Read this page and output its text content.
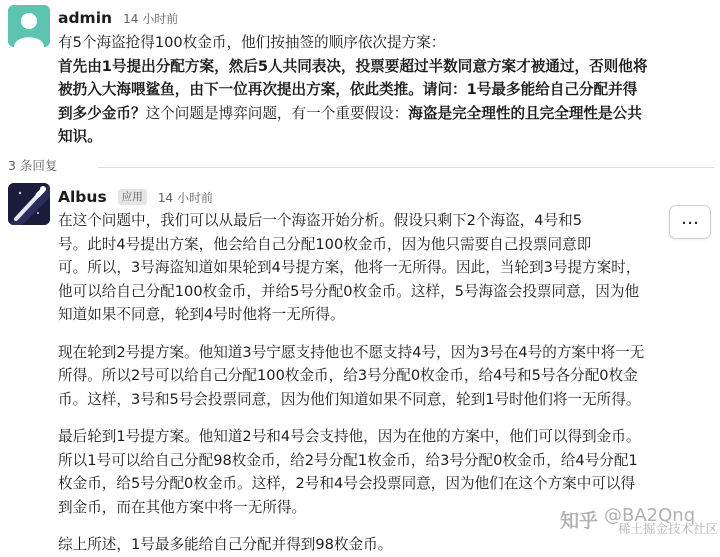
admin 14 小时前

有5个海盗抢得100枚金币，他们按抽签的顺序依次提方案：

首先由1号提出分配方案，然后5人共同表决，投票要超过半数同意方案才被通过，否则他将

被扔入大海喂鲨鱼，由下一位再次提出方案，依此类推。请问：1号最多能给自己分配并得

到多少金币？这个问题是博弈问题，有一个重要假设：海盗是完全理性的且完全理性是公共

知识。

3 条回复
Albus 应用 14 小时前

在这个问题中，我们可以从最后一个海盗开始分析。假设只剩下2个海盗，4号和5

号。此时4号提出方案，他会给自己分配100枚金币，因为他只需要自己投票同意即

可。所以，3号海盗知道如果轮到4号提方案，他将一无所得。因此，当轮到3号提方案时，

他可以给自己分配100枚金币，并给5号分配0枚金币。这样，5号海盗会投票同意，因为他

知道如果不同意，轮到4号时他将一无所得。

现在轮到2号提方案。他知道3号宁愿支持他也不愿支持4号，因为3号在4号的方案中将一无

所得。所以2号可以给自己分配100枚金币，给3号分配0枚金币，给4号和5号各分配0枚金

币。这样，3号和5号会投票同意，因为他们知道如果不同意，轮到1号时他们将一无所得。

最后轮到1号提方案。他知道2号和4号会支持他，因为在他的方案中，他们可以得到金币。

所以1号可以给自己分配98枚金币，给2号分配1枚金币，给3号分配0枚金币，给4号分配1

枚金币，给5号分配0枚金币。这样，2号和4号会投票同意，因为他们在这个方案中可以得

到金币，而在其他方案中将一无所得。

综上所述，1号最多能给自己分配并得到98枚金币。

…
知乎 @BA2Qnq
稀土掘金技术社区
